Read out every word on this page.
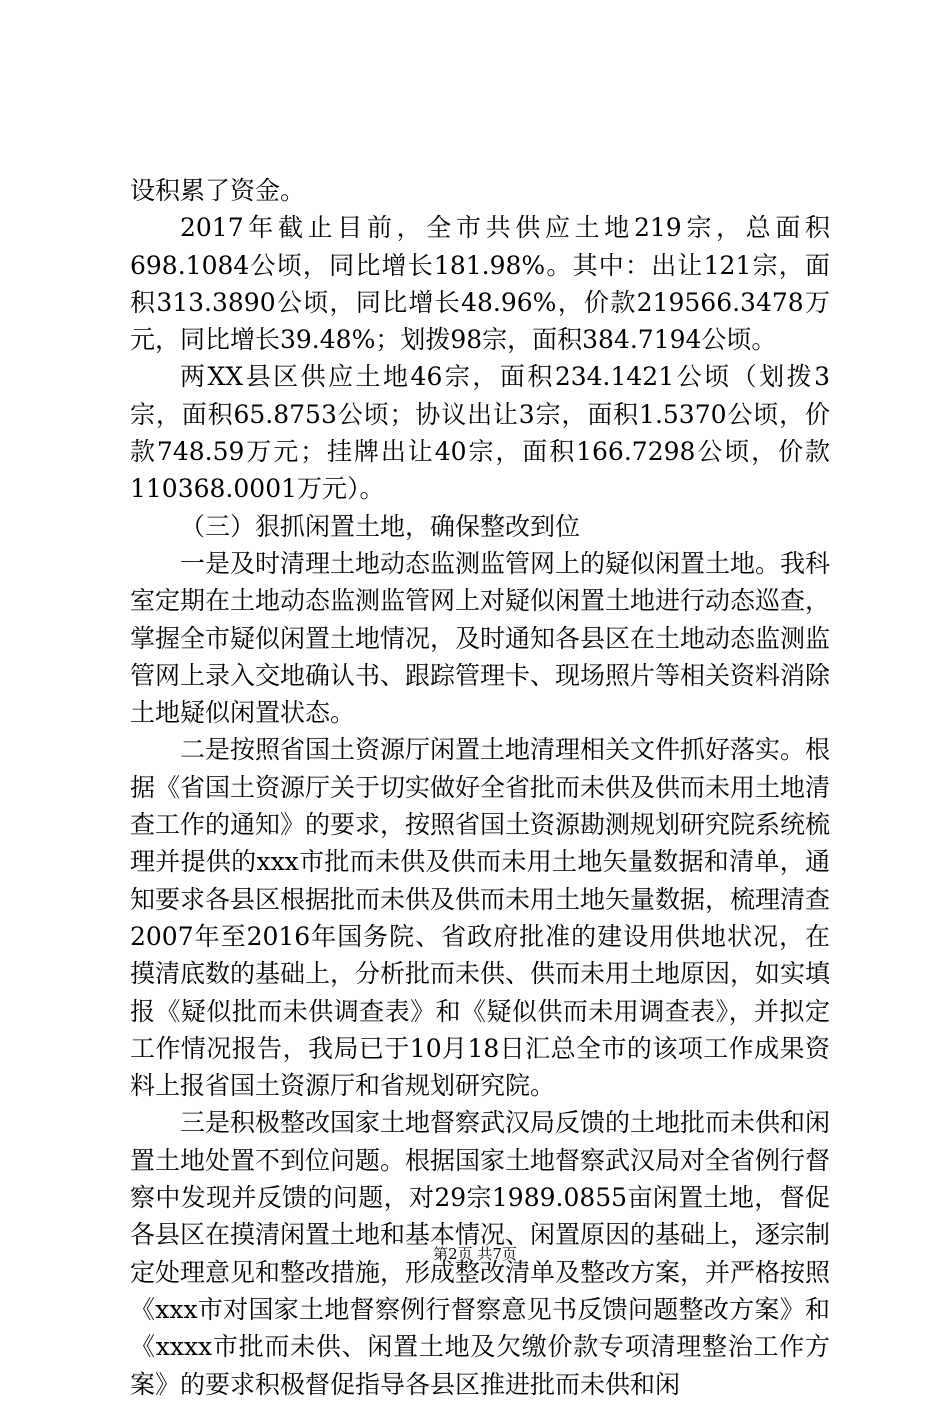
设积累了资金。

2017年截止目前，全市共供应土地219宗，总面积698.1084公顷，同比增长181.98%。其中：出让121宗，面积313.3890公顷，同比增长48.96%，价款219566.3478万元，同比增长39.48%；划拨98宗，面积384.7194公顷。

两XX县区供应土地46宗，面积234.1421公顷（划拨3宗，面积65.8753公顷；协议出让3宗，面积1.5370公顷，价款748.59万元；挂牌出让40宗，面积166.7298公顷，价款110368.0001万元）。

（三）狠抓闲置土地，确保整改到位

一是及时清理土地动态监测监管网上的疑似闲置土地。我科室定期在土地动态监测监管网上对疑似闲置土地进行动态巡查，掌握全市疑似闲置土地情况，及时通知各县区在土地动态监测监管网上录入交地确认书、跟踪管理卡、现场照片等相关资料消除土地疑似闲置状态。

二是按照省国土资源厅闲置土地清理相关文件抓好落实。根据《省国土资源厅关于切实做好全省批而未供及供而未用土地清查工作的通知》的要求，按照省国土资源勘测规划研究院系统梳理并提供的xxx市批而未供及供而未用土地矢量数据和清单，通知要求各县区根据批而未供及供而未用土地矢量数据，梳理清查2007年至2016年国务院、省政府批准的建设用供地状况，在摸清底数的基础上，分析批而未供、供而未用土地原因，如实填报《疑似批而未供调查表》和《疑似供而未用调查表》，并拟定工作情况报告，我局已于10月18日汇总全市的该项工作成果资料上报省国土资源厅和省规划研究院。

三是积极整改国家土地督察武汉局反馈的土地批而未供和闲置土地处置不到位问题。根据国家土地督察武汉局对全省例行督察中发现并反馈的问题，对29宗1989.0855亩闲置土地，督促各县区在摸清闲置土地和基本情况、闲置原因的基础上，逐宗制定处理意见和整改措施，形成整改清单及整改方案，并严格按照《xxx市对国家土地督察例行督察意见书反馈问题整改方案》和《xxxx市批而未供、闲置土地及欠缴价款专项清理整治工作方案》的要求积极督促指导各县区推进批而未供和闲

第2页 共7页
